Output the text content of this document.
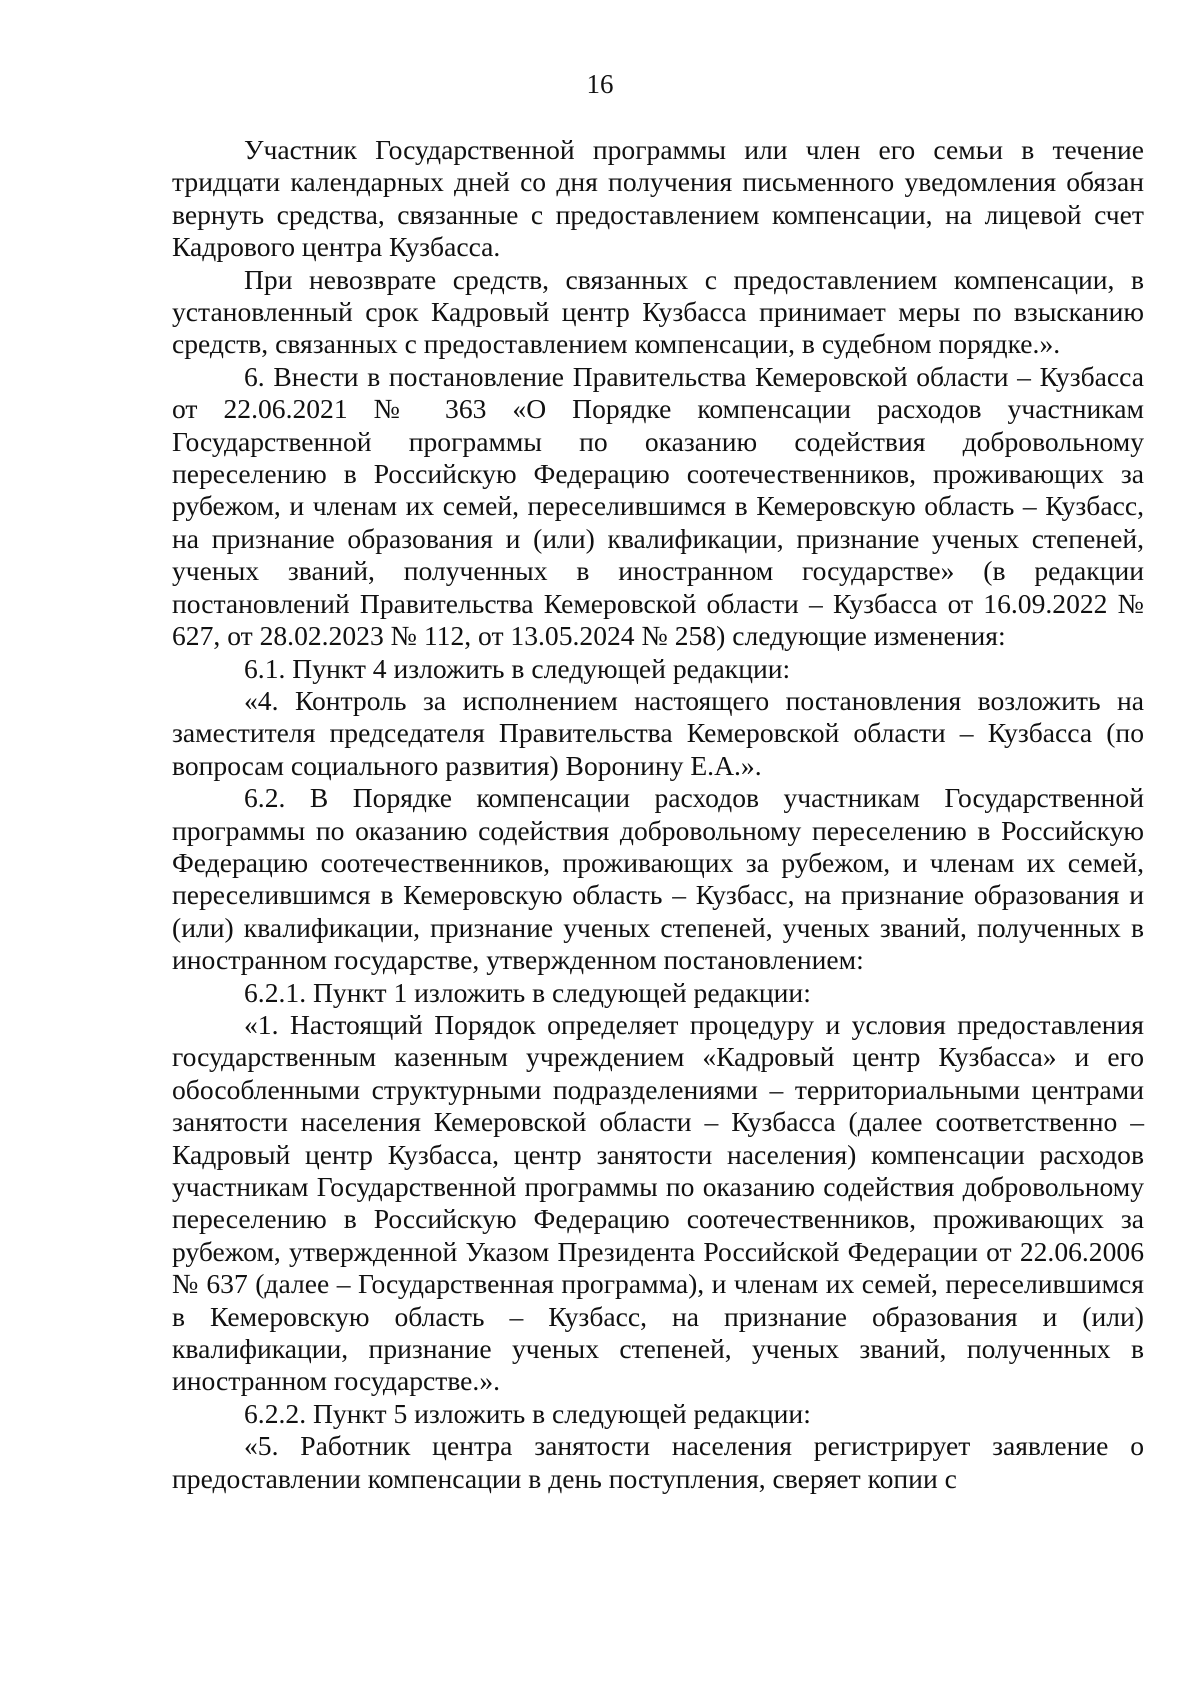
16

Участник Государственной программы или член его семьи в течение тридцати календарных дней со дня получения письменного уведомления обязан вернуть средства, связанные с предоставлением компенсации, на лицевой счет Кадрового центра Кузбасса.

При невозврате средств, связанных с предоставлением компенсации, в установленный срок Кадровый центр Кузбасса принимает меры по взысканию средств, связанных с предоставлением компенсации, в судебном порядке.».

6. Внести в постановление Правительства Кемеровской области – Кузбасса от 22.06.2021 № 363 «О Порядке компенсации расходов участникам Государственной программы по оказанию содействия добровольному переселению в Российскую Федерацию соотечественников, проживающих за рубежом, и членам их семей, переселившимся в Кемеровскую область – Кузбасс, на признание образования и (или) квалификации, признание ученых степеней, ученых званий, полученных в иностранном государстве» (в редакции постановлений Правительства Кемеровской области – Кузбасса от 16.09.2022 № 627, от 28.02.2023 № 112, от 13.05.2024 № 258) следующие изменения:

6.1. Пункт 4 изложить в следующей редакции:

«4. Контроль за исполнением настоящего постановления возложить на заместителя председателя Правительства Кемеровской области – Кузбасса (по вопросам социального развития) Воронину Е.А.».

6.2. В Порядке компенсации расходов участникам Государственной программы по оказанию содействия добровольному переселению в Российскую Федерацию соотечественников, проживающих за рубежом, и членам их семей, переселившимся в Кемеровскую область – Кузбасс, на признание образования и (или) квалификации, признание ученых степеней, ученых званий, полученных в иностранном государстве, утвержденном постановлением:

6.2.1. Пункт 1 изложить в следующей редакции:

«1. Настоящий Порядок определяет процедуру и условия предоставления государственным казенным учреждением «Кадровый центр Кузбасса» и его обособленными структурными подразделениями – территориальными центрами занятости населения Кемеровской области – Кузбасса (далее соответственно – Кадровый центр Кузбасса, центр занятости населения) компенсации расходов участникам Государственной программы по оказанию содействия добровольному переселению в Российскую Федерацию соотечественников, проживающих за рубежом, утвержденной Указом Президента Российской Федерации от 22.06.2006 № 637 (далее – Государственная программа), и членам их семей, переселившимся в Кемеровскую область – Кузбасс, на признание образования и (или) квалификации, признание ученых степеней, ученых званий, полученных в иностранном государстве.».

6.2.2. Пункт 5 изложить в следующей редакции:

«5. Работник центра занятости населения регистрирует заявление о предоставлении компенсации в день поступления, сверяет копии с
